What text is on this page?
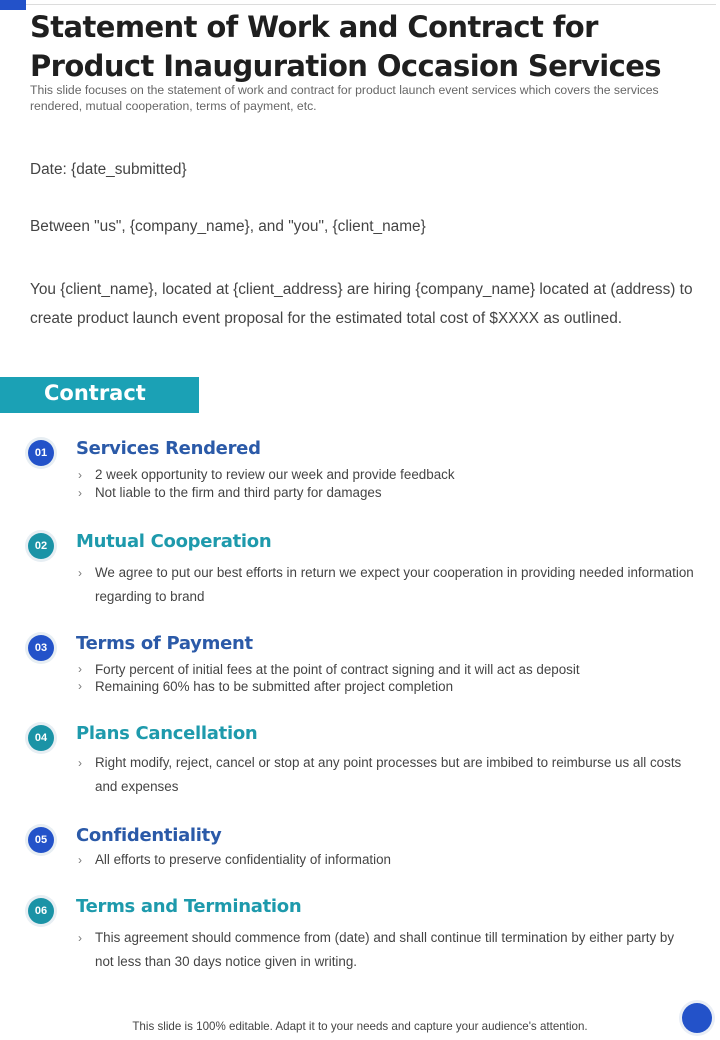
Statement of Work and Contract for Product Inauguration Occasion Services
This slide focuses on the statement of work and contract for product launch event services which covers the services rendered, mutual cooperation, terms of payment, etc.
Date: {date_submitted}
Between "us", {company_name}, and "you", {client_name}
You {client_name}, located at {client_address} are hiring {company_name} located at (address) to create product launch event proposal for the estimated total cost of $XXXX as outlined.
Contract
01	Services Rendered
› 2 week opportunity to review our week and provide feedback
› Not liable to the firm and third party for damages
02	Mutual Cooperation
› We agree to put our best efforts in return we expect your cooperation in providing needed information regarding to brand
03	Terms of Payment
› Forty percent of initial fees at the point of contract signing and it will act as deposit
› Remaining 60% has to be submitted after project completion
04	Plans Cancellation
› Right modify, reject, cancel or stop at any point processes but are imbibed to reimburse us all costs and expenses
05	Confidentiality
› All efforts to preserve confidentiality of information
06	Terms and Termination
› This agreement should commence from (date) and shall continue till termination by either party by not less than 30 days notice given in writing.
This slide is 100% editable. Adapt it to your needs and capture your audience's attention.
